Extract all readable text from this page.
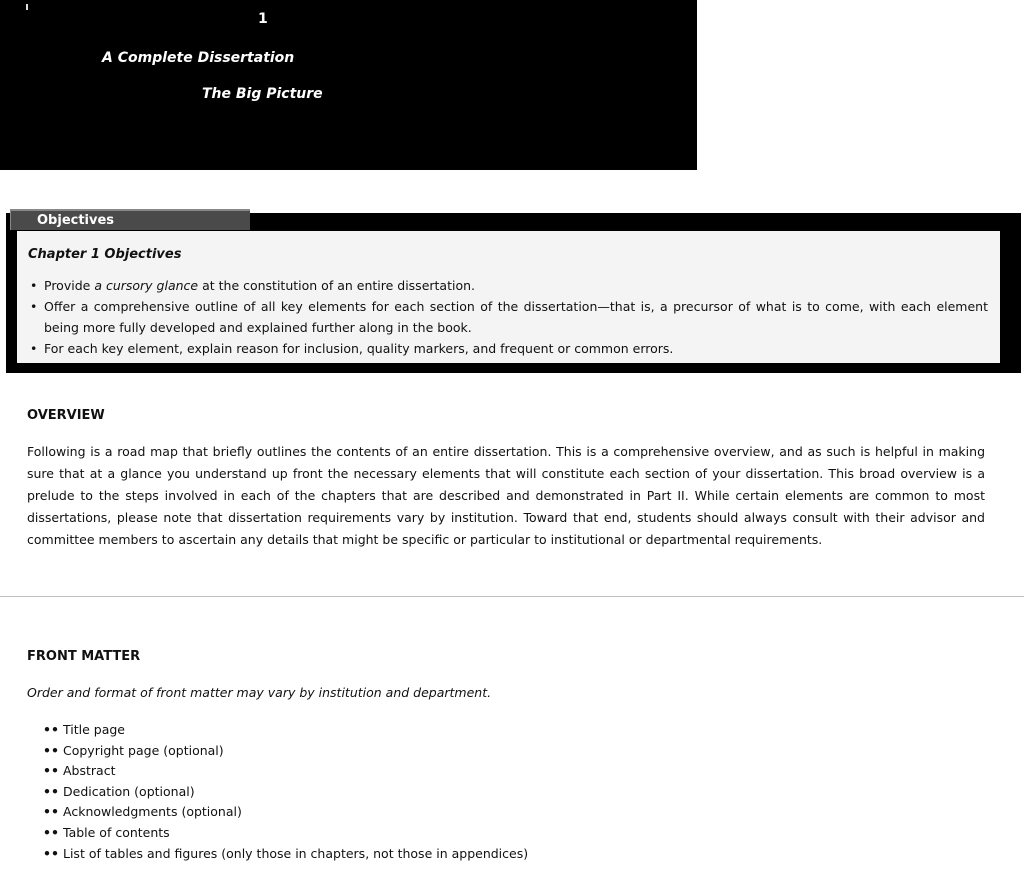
1
A Complete Dissertation
The Big Picture
Objectives
Chapter 1 Objectives
• Provide a cursory glance at the constitution of an entire dissertation.
• Offer a comprehensive outline of all key elements for each section of the dissertation—that is, a precursor of what is to come, with each element being more fully developed and explained further along in the book.
• For each key element, explain reason for inclusion, quality markers, and frequent or common errors.
OVERVIEW
Following is a road map that briefly outlines the contents of an entire dissertation. This is a comprehensive overview, and as such is helpful in making sure that at a glance you understand up front the necessary elements that will constitute each section of your dissertation. This broad overview is a prelude to the steps involved in each of the chapters that are described and demonstrated in Part II. While certain elements are common to most dissertations, please note that dissertation requirements vary by institution. Toward that end, students should always consult with their advisor and committee members to ascertain any details that might be specific or particular to institutional or departmental requirements.
FRONT MATTER
Order and format of front matter may vary by institution and department.
•• Title page
•• Copyright page (optional)
•• Abstract
•• Dedication (optional)
•• Acknowledgments (optional)
•• Table of contents
•• List of tables and figures (only those in chapters, not those in appendices)
